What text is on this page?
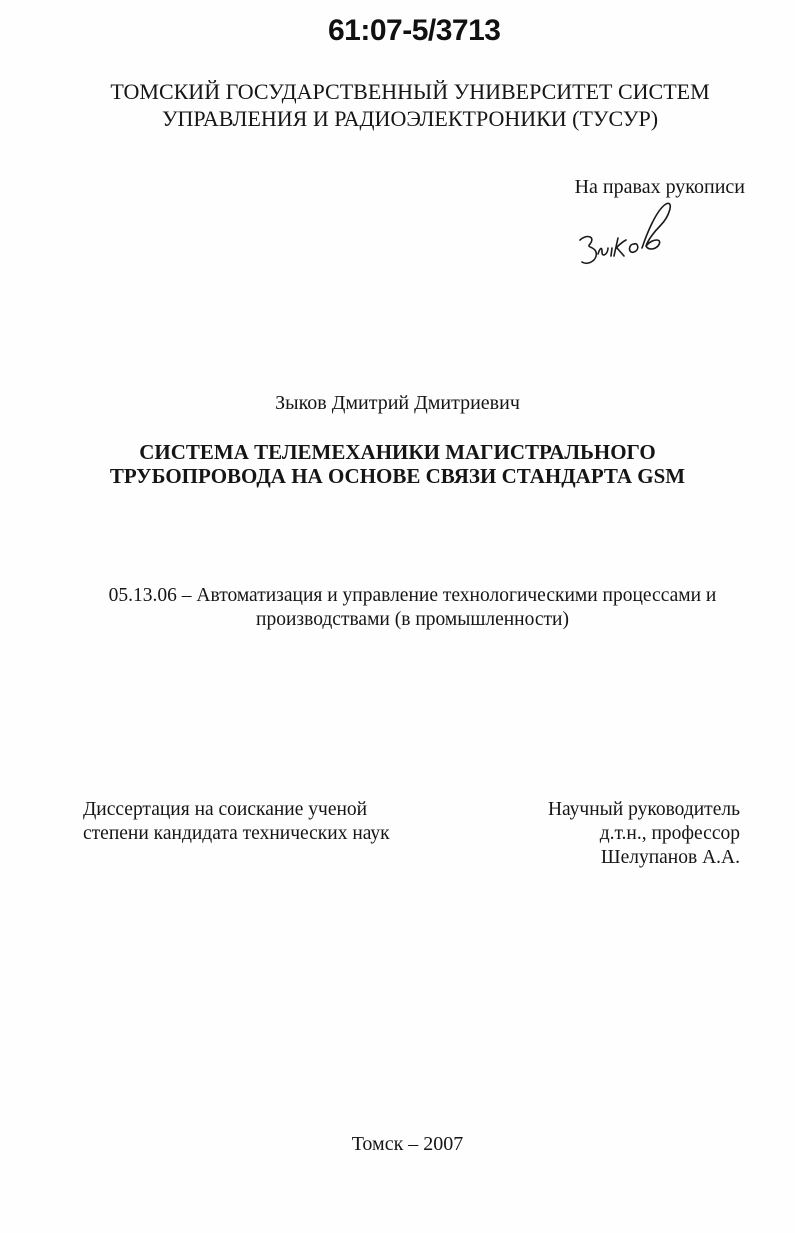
61:07-5/3713
ТОМСКИЙ ГОСУДАРСТВЕННЫЙ УНИВЕРСИТЕТ СИСТЕМ
УПРАВЛЕНИЯ И РАДИОЭЛЕКТРОНИКИ (ТУСУР)
На правах рукописи
Зыков Дмитрий Дмитриевич
СИСТЕМА ТЕЛЕМЕХАНИКИ МАГИСТРАЛЬНОГО
ТРУБОПРОВОДА НА ОСНОВЕ СВЯЗИ СТАНДАРТА GSM
05.13.06 – Автоматизация и управление технологическими процессами и
производствами (в промышленности)
Диссертация на соискание ученой
степени кандидата технических наук
Научный руководитель
д.т.н., профессор
Шелупанов А.А.
Томск – 2007
